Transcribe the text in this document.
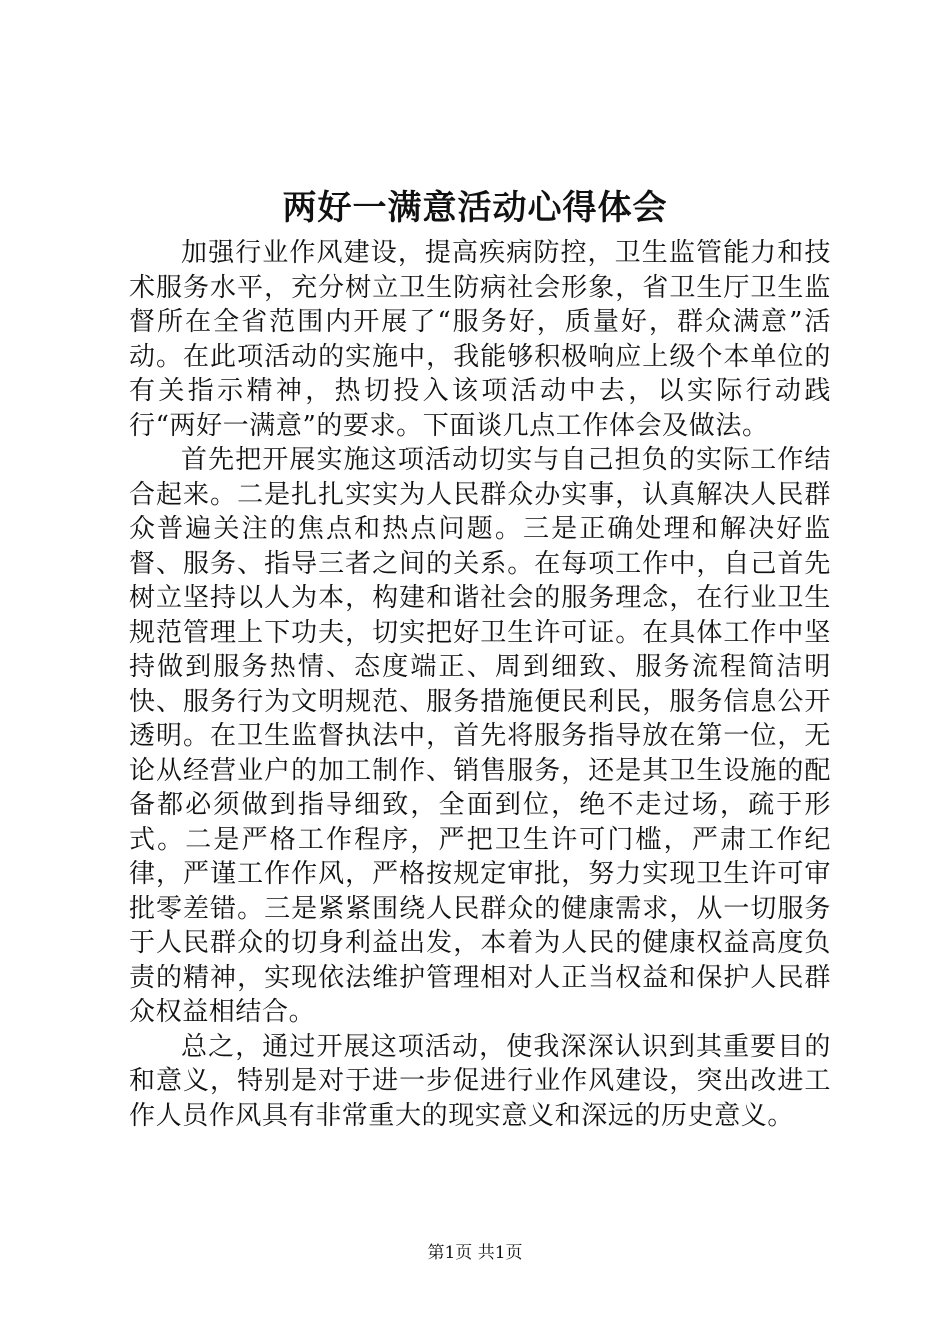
两好一满意活动心得体会

加强行业作风建设，提高疾病防控，卫生监管能力和技术服务水平，充分树立卫生防病社会形象，省卫生厅卫生监督所在全省范围内开展了“服务好，质量好，群众满意”活动。在此项活动的实施中，我能够积极响应上级个本单位的有关指示精神，热切投入该项活动中去，以实际行动践行“两好一满意”的要求。下面谈几点工作体会及做法。

首先把开展实施这项活动切实与自己担负的实际工作结合起来。二是扎扎实实为人民群众办实事，认真解决人民群众普遍关注的焦点和热点问题。三是正确处理和解决好监督、服务、指导三者之间的关系。在每项工作中，自己首先树立坚持以人为本，构建和谐社会的服务理念，在行业卫生规范管理上下功夫，切实把好卫生许可证。在具体工作中坚持做到服务热情、态度端正、周到细致、服务流程简洁明快、服务行为文明规范、服务措施便民利民，服务信息公开透明。在卫生监督执法中，首先将服务指导放在第一位，无论从经营业户的加工制作、销售服务，还是其卫生设施的配备都必须做到指导细致，全面到位，绝不走过场，疏于形式。二是严格工作程序，严把卫生许可门槛，严肃工作纪律，严谨工作作风，严格按规定审批，努力实现卫生许可审批零差错。三是紧紧围绕人民群众的健康需求，从一切服务于人民群众的切身利益出发，本着为人民的健康权益高度负责的精神，实现依法维护管理相对人正当权益和保护人民群众权益相结合。

总之，通过开展这项活动，使我深深认识到其重要目的和意义，特别是对于进一步促进行业作风建设，突出改进工作人员作风具有非常重大的现实意义和深远的历史意义。

第1页 共1页
